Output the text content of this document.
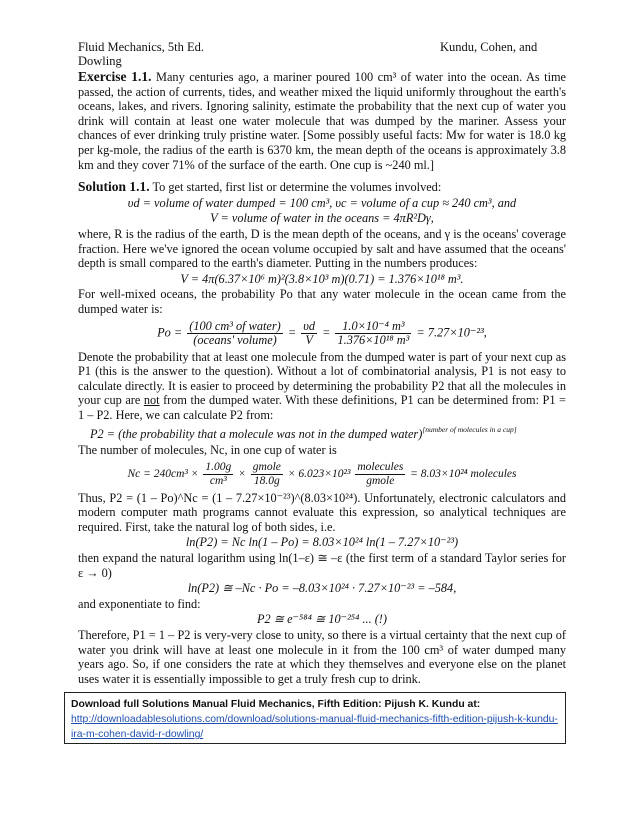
Fluid Mechanics, 5th Ed.
Dowling
Kundu, Cohen, and

Exercise 1.1. Many centuries ago, a mariner poured 100 cm³ of water into the ocean. As time passed, the action of currents, tides, and weather mixed the liquid uniformly throughout the earth's oceans, lakes, and rivers. Ignoring salinity, estimate the probability that the next cup of water you drink will contain at least one water molecule that was dumped by the mariner. Assess your chances of ever drinking truly pristine water. [Some possibly useful facts: Mw for water is 18.0 kg per kg-mole, the radius of the earth is 6370 km, the mean depth of the oceans is approximately 3.8 km and they cover 71% of the surface of the earth. One cup is ~240 ml.]

Solution 1.1. To get started, first list or determine the volumes involved:

υd = volume of water dumped = 100 cm³, υc = volume of a cup ≈ 240 cm³, and
V = volume of water in the oceans = 4πR²Dγ,

where, R is the radius of the earth, D is the mean depth of the oceans, and γ is the oceans' coverage fraction. Here we've ignored the ocean volume occupied by salt and have assumed that the oceans' depth is small compared to the earth's diameter. Putting in the numbers produces:

V = 4π(6.37×10⁶ m)²(3.8×10³ m)(0.71) = 1.376×10¹⁸ m³.

For well-mixed oceans, the probability Po that any water molecule in the ocean came from the dumped water is:

$Po = \frac{\text{(100 cm³ of water)}}{\text{(oceans' volume)}} = \frac{\upsilon d}{V} = \frac{\text{1.0×10⁻⁴ m³}}{\text{1.376×10¹⁸ m³}} = 7.27\times 10^{-23}$,

Denote the probability that at least one molecule from the dumped water is part of your next cup as P1 (this is the answer to the question). Without a lot of combinatorial analysis, P1 is not easy to calculate directly. It is easier to proceed by determining the probability P2 that all the molecules in your cup are not from the dumped water. With these definitions, P1 can be determined from: P1 = 1 – P2. Here, we can calculate P2 from:

P2 = (the probability that a molecule was not in the dumped water)[number of molecules in a cup]

The number of molecules, Nc, in one cup of water is

$Nc = 240cm^3 \times \frac{1.00g}{\text{cm³}} \times \frac{\text{gmole}}{18.0g} \times 6.023\times 10^{23} \frac{\text{molecules}}{\text{gmole}} = 8.03\times 10^{24}$ molecules

Thus, P2 = (1 – Po)^Nc = (1 – 7.27×10⁻²³)^(8.03×10²⁴). Unfortunately, electronic calculators and modern computer math programs cannot evaluate this expression, so analytical techniques are required. First, take the natural log of both sides, i.e.

ln(P2) = Nc ln(1 – Po) = 8.03×10²⁴ ln(1 – 7.27×10⁻²³)

then expand the natural logarithm using ln(1–ε) ≅ –ε (the first term of a standard Taylor series for ε → 0)

ln(P2) ≅ –Nc · Po = –8.03×10²⁴ · 7.27×10⁻²³ = –584,

and exponentiate to find:

P2 ≅ e⁻⁵⁸⁴ ≅ 10⁻²⁵⁴ ... (!)

Therefore, P1 = 1 – P2 is very-very close to unity, so there is a virtual certainty that the next cup of water you drink will have at least one molecule in it from the 100 cm³ of water dumped many years ago. So, if one considers the rate at which they themselves and everyone else on the planet uses water it is essentially impossible to get a truly fresh cup to drink.

Download full Solutions Manual Fluid Mechanics, Fifth Edition: Pijush K. Kundu at:
http://downloadablesolutions.com/download/solutions-manual-fluid-mechanics-fifth-edition-pijush-k-kundu-ira-m-cohen-david-r-dowling/
